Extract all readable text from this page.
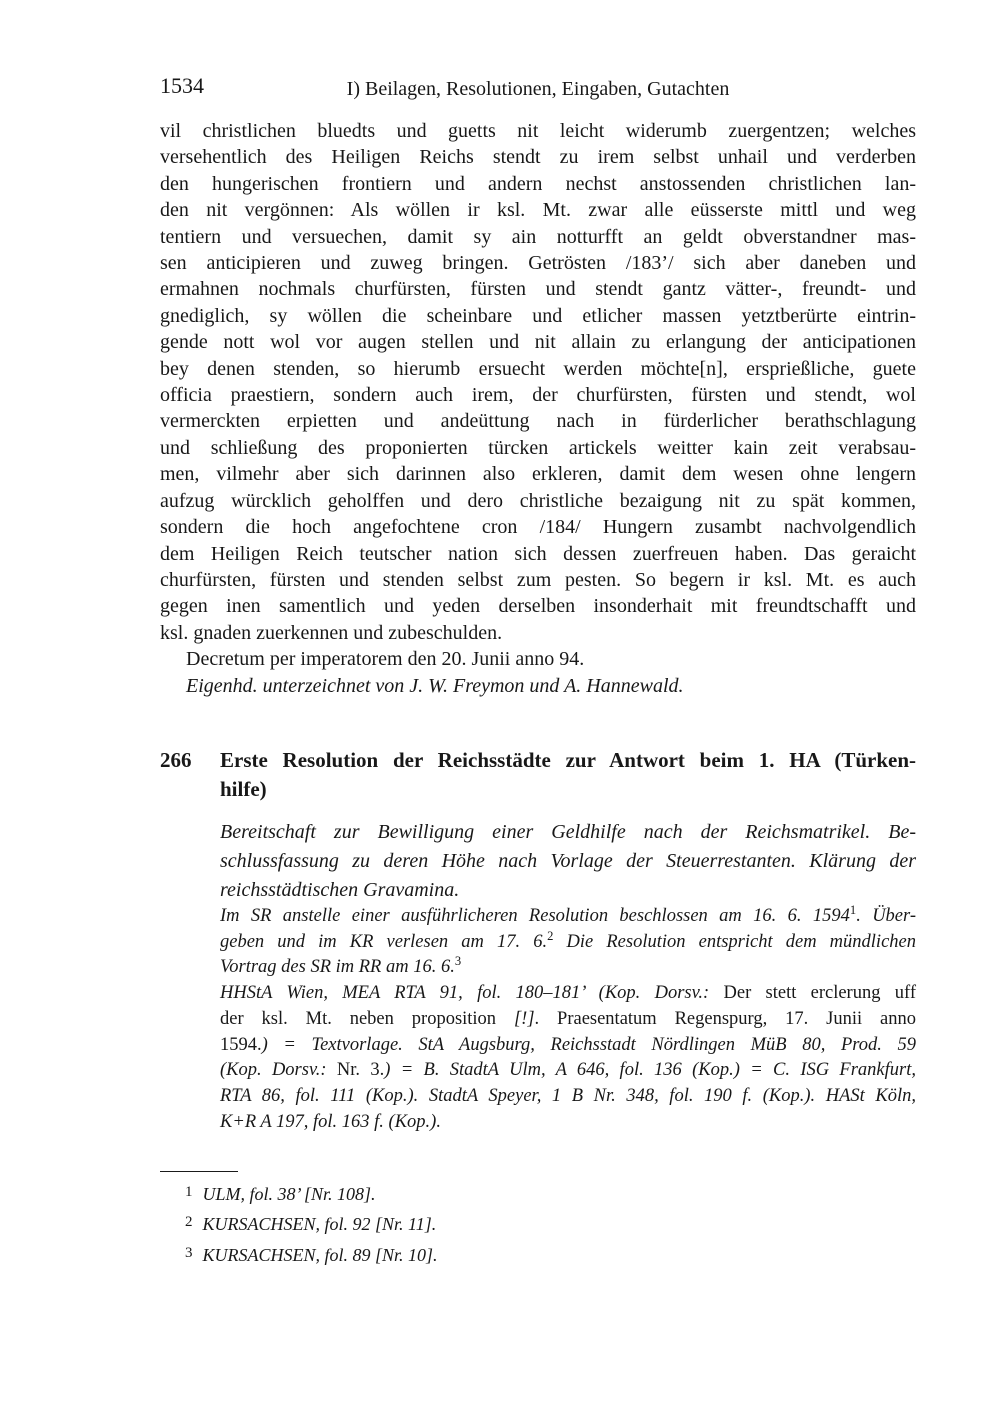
1534	I) Beilagen, Resolutionen, Eingaben, Gutachten
vil christlichen bluedts und guetts nit leicht widerumb zuergentzen; welches
versehentlich des Heiligen Reichs stendt zu irem selbst unhail und verderben
den hungerischen frontiern und andern nechst anstossenden christlichen lan-
den nit vergönnen: Als wöllen ir ksl. Mt. zwar alle eüsserste mittl und weg
tentiern und versuechen, damit sy ain notturfft an geldt obverstandner mas-
sen anticipieren und zuweg bringen. Getrösten /183’/ sich aber daneben und
ermahnen nochmals churfürsten, fürsten und stendt gantz vätter-, freundt- und
gnediglich, sy wöllen die scheinbare und etlicher massen yetztberürte eintrin-
gende nott wol vor augen stellen und nit allain zu erlangung der anticipationen
bey denen stenden, so hierumb ersuecht werden möchte[n], ersprießliche, guete
officia praestiern, sondern auch irem, der churfürsten, fürsten und stendt, wol
vermerckten erpietten und andeüttung nach in fürderlicher berathschlagung
und schließung des proponierten türcken artickels weitter kain zeit verabsau-
men, vilmehr aber sich darinnen also erkleren, damit dem wesen ohne lengern
aufzug würcklich geholffen und dero christliche bezaigung nit zu spät kommen,
sondern die hoch angefochtene cron /184/ Hungern zusambt nachvolgendlich
dem Heiligen Reich teutscher nation sich dessen zuerfreuen haben. Das geraicht
churfürsten, fürsten und stenden selbst zum pesten. So begern ir ksl. Mt. es auch
gegen inen samentlich und yeden derselben insonderhait mit freundtschafft und
ksl. gnaden zuerkennen und zubeschulden.
Decretum per imperatorem den 20. Junii anno 94.
Eigenhd. unterzeichnet von J. W. Freymon und A. Hannewald.
266 Erste Resolution der Reichsstädte zur Antwort beim 1. HA (Türken-
hilfe)
Bereitschaft zur Bewilligung einer Geldhilfe nach der Reichsmatrikel. Be-
schlussfassung zu deren Höhe nach Vorlage der Steuerrestanten. Klärung der
reichsstädtischen Gravamina.
Im SR anstelle einer ausführlicheren Resolution beschlossen am 16. 6. 1594$^1$. Über-
geben und im KR verlesen am 17. 6.$^2$ Die Resolution entspricht dem mündlichen
Vortrag des SR im RR am 16. 6.$^3$
HHStA Wien, MEA RTA 91, fol. 180–181’ (Kop. Dorsv.: Der stett erclerung uff
der ksl. Mt. neben proposition [!]. Praesentatum Regenspurg, 17. Junii anno
1594.) = Textvorlage. StA Augsburg, Reichsstadt Nördlingen MüB 80, Prod. 59
(Kop. Dorsv.: Nr. 3.) = B. StadtA Ulm, A 646, fol. 136 (Kop.) = C. ISG Frankfurt,
RTA 86, fol. 111 (Kop.). StadtA Speyer, 1 B Nr. 348, fol. 190 f. (Kop.). HASt Köln,
K+R A 197, fol. 163 f. (Kop.).
$^1$ ULM, fol. 38’ [Nr. 108].
$^2$ KURSACHSEN, fol. 92 [Nr. 11].
$^3$ KURSACHSEN, fol. 89 [Nr. 10].
